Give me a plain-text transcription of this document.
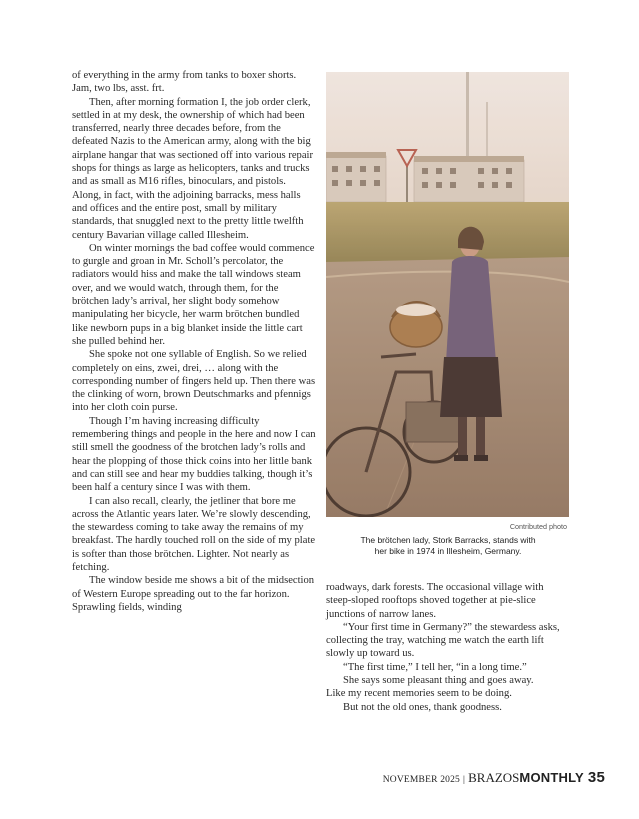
of everything in the army from tanks to boxer shorts. Jam, two lbs, asst. frt.

Then, after morning formation I, the job order clerk, settled in at my desk, the ownership of which had been transferred, nearly three decades before, from the defeated Nazis to the American army, along with the big airplane hangar that was sectioned off into various repair shops for things as large as helicopters, tanks and trucks and as small as M16 rifles, binoculars, and pistols. Along, in fact, with the adjoining barracks, mess halls and offices and the entire post, small by military standards, that snuggled next to the pretty little twelfth century Bavarian village called Illesheim.

On winter mornings the bad coffee would commence to gurgle and groan in Mr. Scholl’s percolator, the radiators would hiss and make the tall windows steam over, and we would watch, through them, for the brötchen lady’s arrival, her slight body somehow manipulating her bicycle, her warm brötchen bundled like newborn pups in a big blanket inside the little cart she pulled behind her.

She spoke not one syllable of English. So we relied completely on eins, zwei, drei, … along with the corresponding number of fingers held up. Then there was the clinking of worn, brown Deutschmarks and pfennigs into her cloth coin purse.

Though I’m having increasing difficulty remembering things and people in the here and now I can still smell the goodness of the brotchen lady’s rolls and hear the plopping of those thick coins into her little bank and can still see and hear my buddies talking, though it’s been half a century since I was with them.

I can also recall, clearly, the jetliner that bore me across the Atlantic years later. We’re slowly descending, the stewardess coming to take away the remains of my breakfast. The hardly touched roll on the side of my plate is softer than those brötchen. Lighter. Not nearly as fetching.

The window beside me shows a bit of the midsection of Western Europe spreading out to the far horizon. Sprawling fields, winding

Contributed photo
The brötchen lady, Stork Barracks, stands with
her bike in 1974 in Illesheim, Germany.

roadways, dark forests. The occasional village with steep-sloped rooftops shoved together at pie-slice junctions of narrow lanes.

“Your first time in Germany?” the stewardess asks, collecting the tray, watching me watch the earth lift slowly up toward us.

“The first time,” I tell her, “in a long time.”

She says some pleasant thing and goes away.

Like my recent memories seem to be doing.

But not the old ones, thank goodness.

NOVEMBER 2025 | BRAZOSMONTHLY 35
